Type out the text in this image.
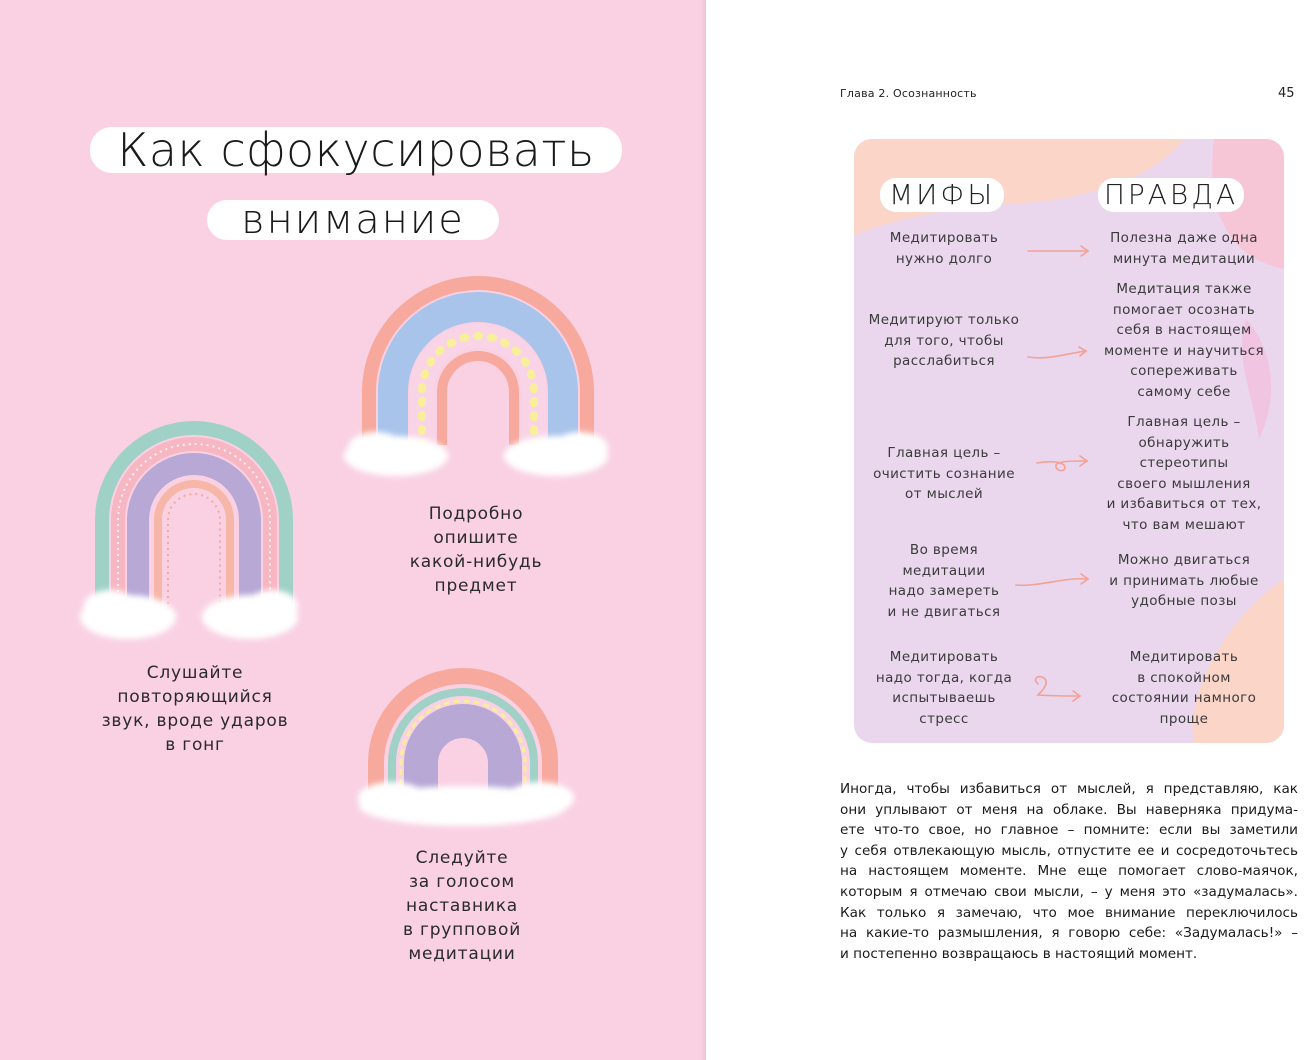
Как сфокусировать
внимание
Подробно
опишите
какой-нибудь
предмет
Слушайте
повторяющийся
звук, вроде ударов
в гонг
Следуйте
за голосом
наставника
в групповой
медитации
Глава 2. Осознанность	45
МИФЫ	ПРАВДА
Медитировать
нужно долго
Полезна даже одна
минута медитации
Медитируют только
для того, чтобы
расслабиться
Медитация также
помогает осознать
себя в настоящем
моменте и научиться
сопереживать
самому себе
Главная цель –
очистить сознание
от мыслей
Главная цель –
обнаружить
стереотипы
своего мышления
и избавиться от тех,
что вам мешают
Во время
медитации
надо замереть
и не двигаться
Можно двигаться
и принимать любые
удобные позы
Медитировать
надо тогда, когда
испытываешь
стресс
Медитировать
в спокойном
состоянии намного
проще
Иногда, чтобы избавиться от мыслей, я представляю, как
они уплывают от меня на облаке. Вы наверняка придума-
ете что-то свое, но главное – помните: если вы заметили
у себя отвлекающую мысль, отпустите ее и сосредоточьтесь
на настоящем моменте. Мне еще помогает слово-маячок,
которым я отмечаю свои мысли, – у меня это «задумалась».
Как только я замечаю, что мое внимание переключилось
на какие-то размышления, я говорю себе: «Задумалась!» –
и постепенно возвращаюсь в настоящий момент.
